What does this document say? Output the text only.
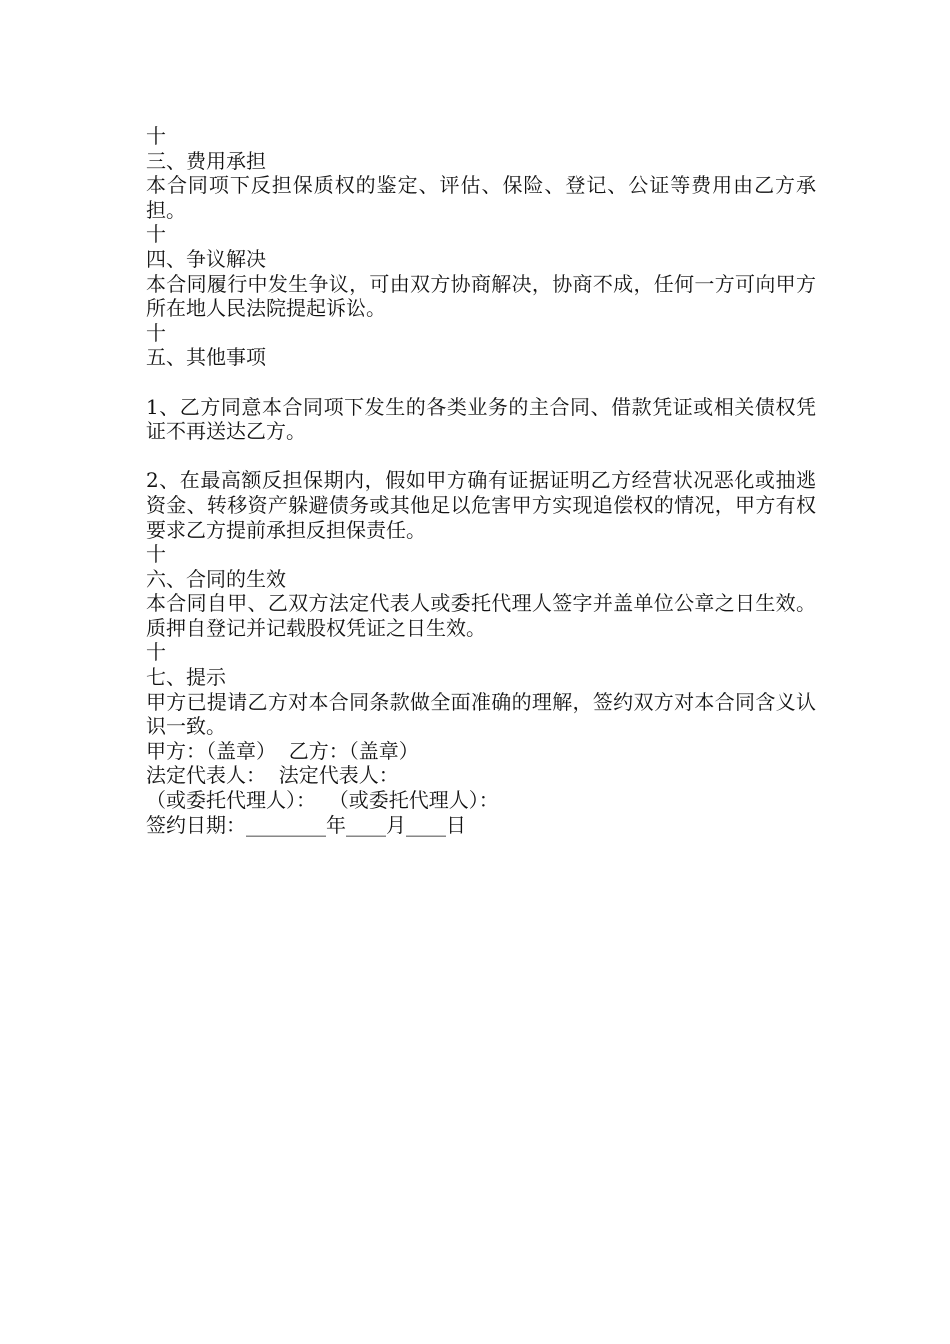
十
三、费用承担

本合同项下反担保质权的鉴定、评估、保险、登记、公证等费用由乙方承担。

十
四、争议解决

本合同履行中发生争议，可由双方协商解决，协商不成，任何一方可向甲方所在地人民法院提起诉讼。

十
五、其他事项

1、乙方同意本合同项下发生的各类业务的主合同、借款凭证或相关债权凭证不再送达乙方。

2、在最高额反担保期内，假如甲方确有证据证明乙方经营状况恶化或抽逃资金、转移资产躲避债务或其他足以危害甲方实现追偿权的情况，甲方有权要求乙方提前承担反担保责任。

十
六、合同的生效

本合同自甲、乙双方法定代表人或委托代理人签字并盖单位公章之日生效。质押自登记并记载股权凭证之日生效。

十
七、提示

甲方已提请乙方对本合同条款做全面准确的理解，签约双方对本合同含义认识一致。

甲方：（盖章）  乙方：（盖章）
法定代表人：  法定代表人：
（或委托代理人）：  （或委托代理人）：
签约日期：________年____月____日
